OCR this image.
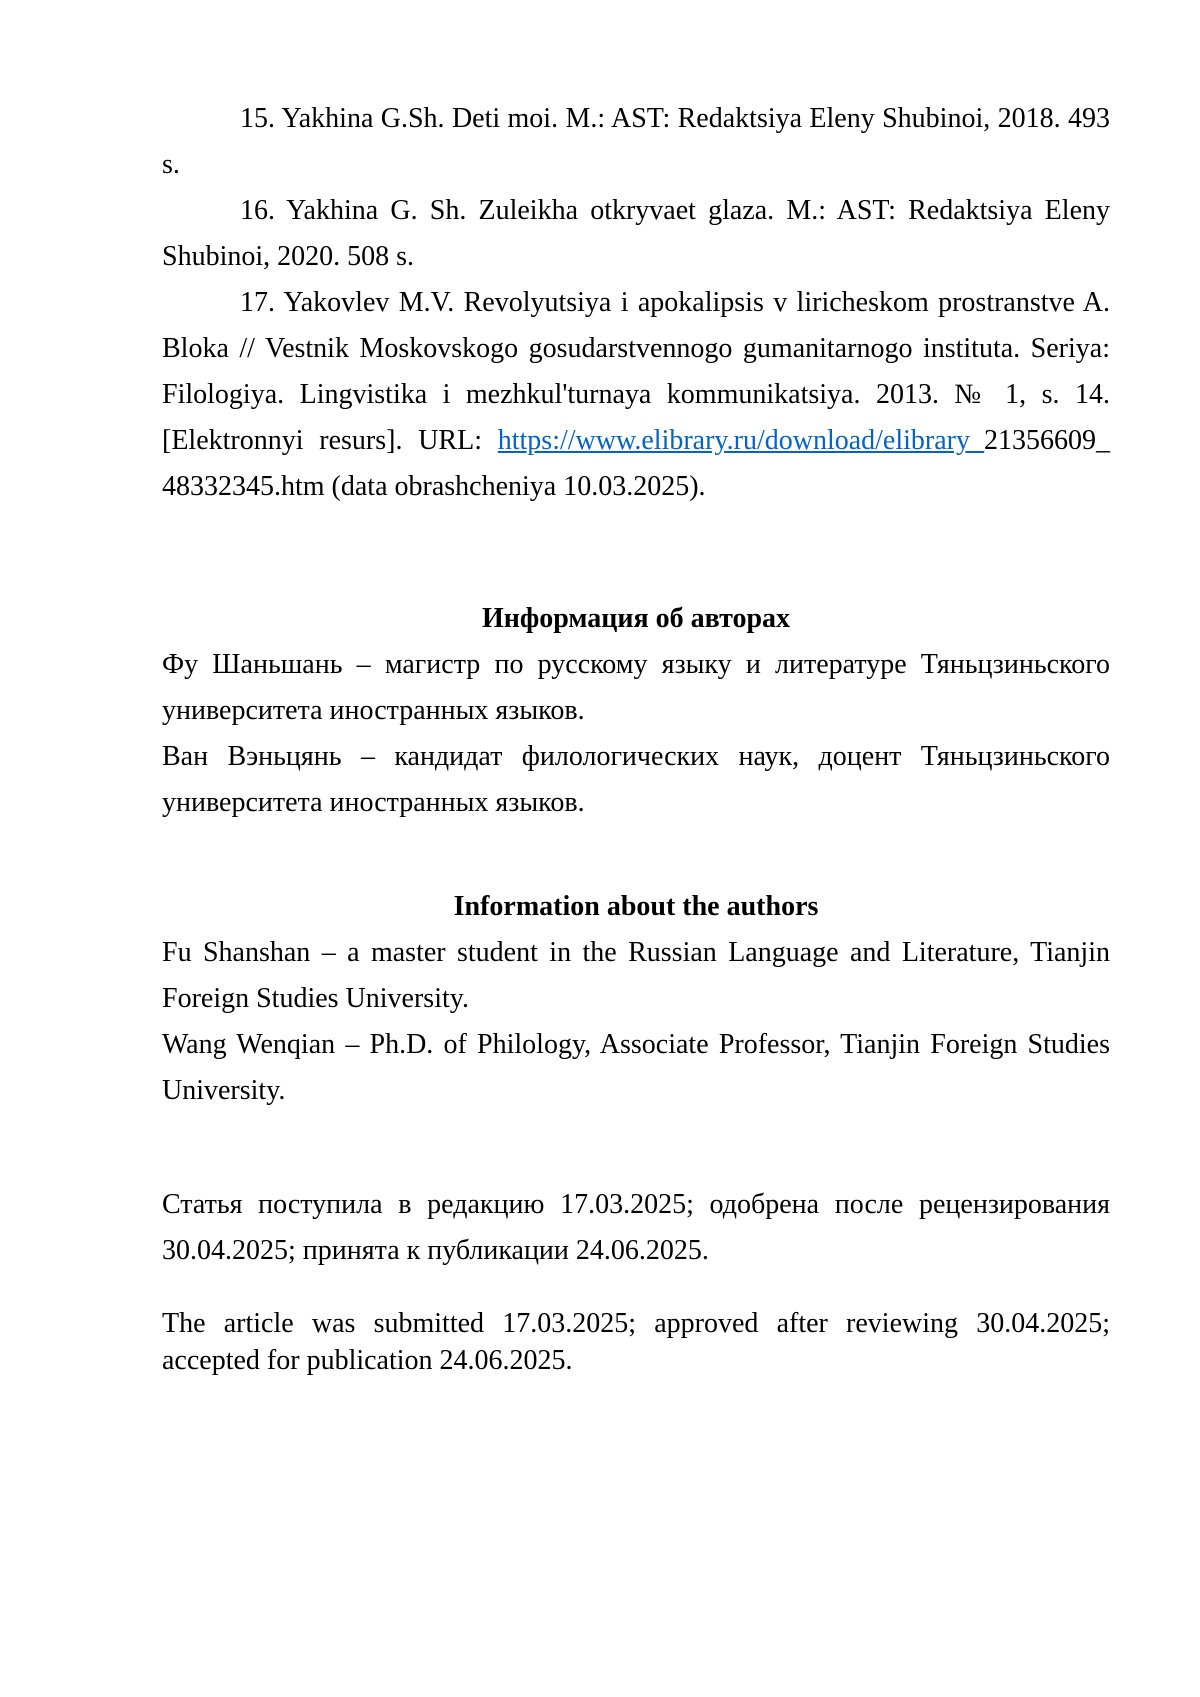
15. Yakhina G.Sh. Deti moi. M.: AST: Redaktsiya Eleny Shubinoi, 2018. 493
s.

16. Yakhina G. Sh. Zuleikha otkryvaet glaza. M.: AST: Redaktsiya Eleny
Shubinoi, 2020. 508 s.

17. Yakovlev M.V. Revolyutsiya i apokalipsis v liricheskom prostranstve A.
Bloka // Vestnik Moskovskogo gosudarstvennogo gumanitarnogo instituta. Seriya:
Filologiya. Lingvistika i mezhkul'turnaya kommunikatsiya. 2013. № 1, s. 14.
[Elektronnyi resurs]. URL: https://www.elibrary.ru/download/elibrary_21356609_
48332345.htm (data obrashcheniya 10.03.2025).

Информация об авторах

Фу Шаньшань – магистр по русскому языку и литературе Тяньцзиньского
университета иностранных языков.

Ван Вэньцянь – кандидат филологических наук, доцент Тяньцзиньского
университета иностранных языков.

Information about the authors

Fu Shanshan – a master student in the Russian Language and Literature, Tianjin
Foreign Studies University.

Wang Wenqian – Ph.D. of Philology, Associate Professor, Tianjin Foreign Studies
University.

Статья поступила в редакцию 17.03.2025; одобрена после рецензирования
30.04.2025; принята к публикации 24.06.2025.

The article was submitted 17.03.2025; approved after reviewing 30.04.2025;
accepted for publication 24.06.2025.
